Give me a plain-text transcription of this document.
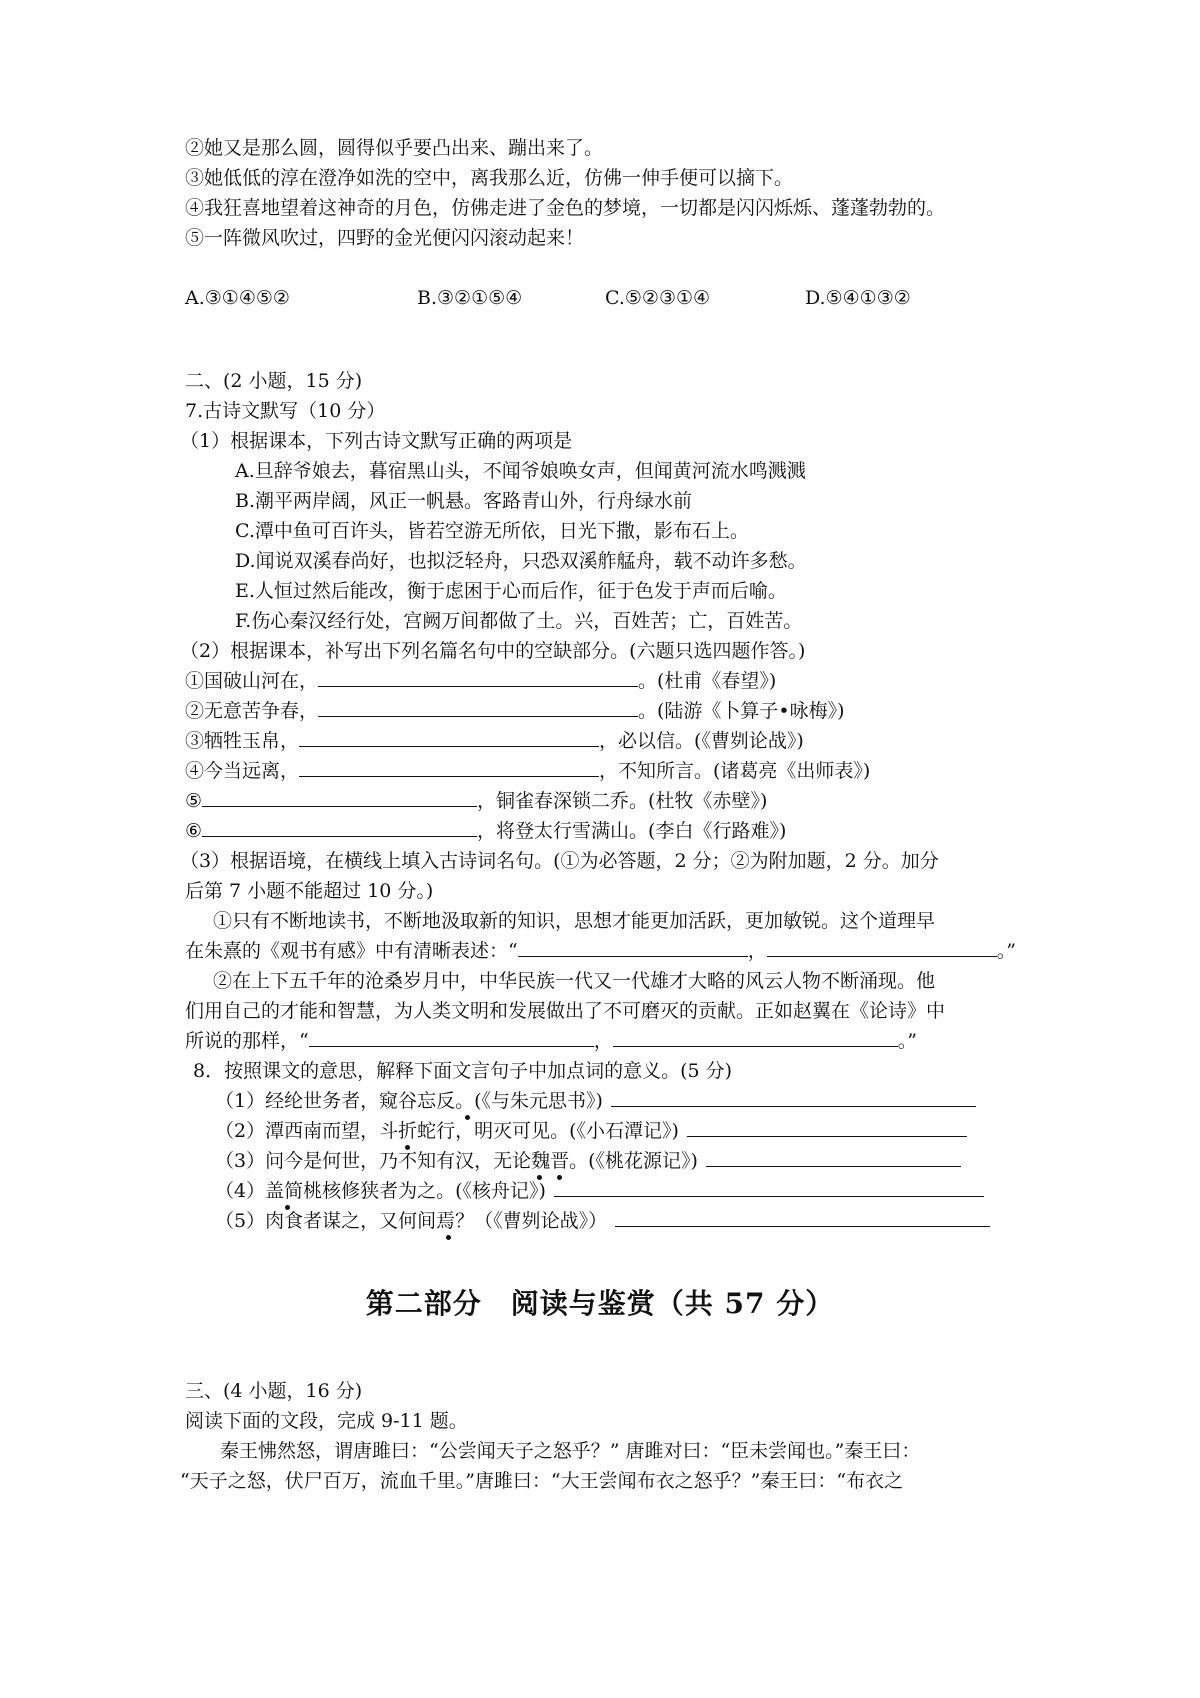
②她又是那么圆，圆得似乎要凸出来、蹦出来了。
③她低低的淳在澄净如洗的空中，离我那么近，仿佛一伸手便可以摘下。
④我狂喜地望着这神奇的月色，仿佛走进了金色的梦境，一切都是闪闪烁烁、蓬蓬勃勃的。
⑤一阵微风吹过，四野的金光便闪闪滚动起来！

A.③①④⑤②	B.③②①⑤④	C.⑤②③①④	D.⑤④①③②

二、(2 小题，15 分)
7.古诗文默写（10 分）
（1）根据课本，下列古诗文默写正确的两项是
A.旦辞爷娘去，暮宿黑山头，不闻爷娘唤女声，但闻黄河流水鸣溅溅
B.潮平两岸阔，风正一帆悬。客路青山外，行舟绿水前
C.潭中鱼可百许头，皆若空游无所依，日光下撒，影布石上。
D.闻说双溪春尚好，也拟泛轻舟，只恐双溪舴艋舟，载不动许多愁。
E.人恒过然后能改，衡于虑困于心而后作，征于色发于声而后喻。
F.伤心秦汉经行处，宫阙万间都做了土。兴，百姓苦；亡，百姓苦。
（2）根据课本，补写出下列名篇名句中的空缺部分。(六题只选四题作答。)
①国破山河在，	。(杜甫《春望》)
②无意苦争春，	。(陆游《卜算子•咏梅》)
③牺牲玉帛，	，必以信。(《曹刿论战》)
④今当远离，	，不知所言。(诸葛亮《出师表》)
⑤	，铜雀春深锁二乔。(杜牧《赤壁》)
⑥	，将登太行雪满山。(李白《行路难》)
（3）根据语境，在横线上填入古诗词名句。(①为必答题，2 分；②为附加题，2 分。加分
后第 7 小题不能超过 10 分。)
①只有不断地读书，不断地汲取新的知识，思想才能更加活跃，更加敏锐。这个道理早
在朱熹的《观书有感》中有清晰表述：“	，	。”
②在上下五千年的沧桑岁月中，中华民族一代又一代雄才大略的风云人物不断涌现。他
们用自己的才能和智慧，为人类文明和发展做出了不可磨灭的贡献。正如赵翼在《论诗》中
所说的那样，“	，	。”
8．按照课文的意思，解释下面文言句子中加点词的意义。(5 分)
（1）经纶世务者，窥谷忘反。(《与朱元思书》)
（2）潭西南而望，斗折蛇行，明灭可见。(《小石潭记》)
（3）问今是何世，乃不知有汉，无论魏晋。(《桃花源记》)
（4）盖简桃核修狭者为之。(《核舟记》)
（5）肉食者谋之，又何间焉？（《曹刿论战》）
第二部分　阅读与鉴赏（共 57 分）
三、(4 小题，16 分)
阅读下面的文段，完成 9-11 题。
秦王怫然怒，谓唐雎曰：“公尝闻天子之怒乎？” 唐雎对曰：“臣未尝闻也。”秦王曰：
“天子之怒，伏尸百万，流血千里。”唐雎曰：“大王尝闻布衣之怒乎？”秦王曰：“布衣之
